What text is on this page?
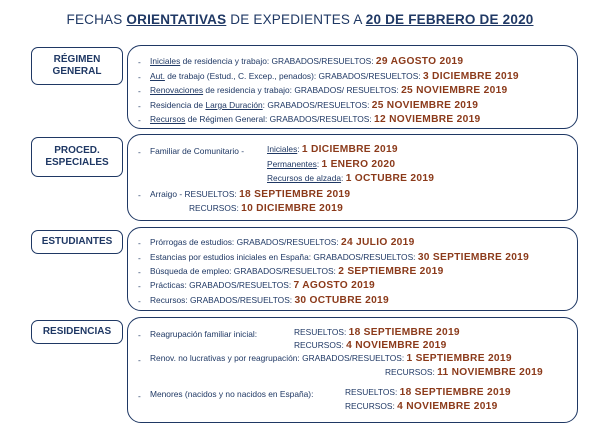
FECHAS ORIENTATIVAS DE EXPEDIENTES A 20 DE FEBRERO DE 2020
RÉGIMEN
GENERAL
- Iniciales de residencia y trabajo: GRABADOS/RESUELTOS: 29 AGOSTO 2019
- Aut. de trabajo (Estud., C. Excep., penados): GRABADOS/RESUELTOS: 3 DICIEMBRE 2019
- Renovaciones de residencia y trabajo: GRABADOS/ RESUELTOS: 25 NOVIEMBRE 2019
- Residencia de Larga Duración: GRABADOS/RESUELTOS: 25 NOVIEMBRE 2019
- Recursos de Régimen General: GRABADOS/RESUELTOS: 12 NOVIEMBRE 2019
PROCED.
ESPECIALES
- Familiar de Comunitario -	Iniciales: 1 DICIEMBRE 2019
Permanentes: 1 ENERO 2020
Recursos de alzada: 1 OCTUBRE 2019
- Arraigo - RESUELTOS: 18 SEPTIEMBRE 2019
RECURSOS: 10 DICIEMBRE 2019
ESTUDIANTES	- Prórrogas de estudios: GRABADOS/RESUELTOS: 24 JULIO 2019
- Estancias por estudios iniciales en España: GRABADOS/RESUELTOS: 30 SEPTIEMBRE 2019
- Búsqueda de empleo: GRABADOS/RESUELTOS: 2 SEPTIEMBRE 2019
- Prácticas: GRABADOS/RESUELTOS: 7 AGOSTO 2019
- Recursos: GRABADOS/RESUELTOS: 30 OCTUBRE 2019
RESIDENCIAS	- Reagrupación familiar inicial:	RESUELTOS: 18 SEPTIEMBRE 2019
RECURSOS: 4 NOVIEMBRE 2019
- Renov. no lucrativas y por reagrupación: GRABADOS/RESUELTOS: 1 SEPTIEMBRE 2019
RECURSOS: 11 NOVIEMBRE 2019
- Menores (nacidos y no nacidos en España):	RESUELTOS: 18 SEPTIEMBRE 2019
RECURSOS: 4 NOVIEMBRE 2019
